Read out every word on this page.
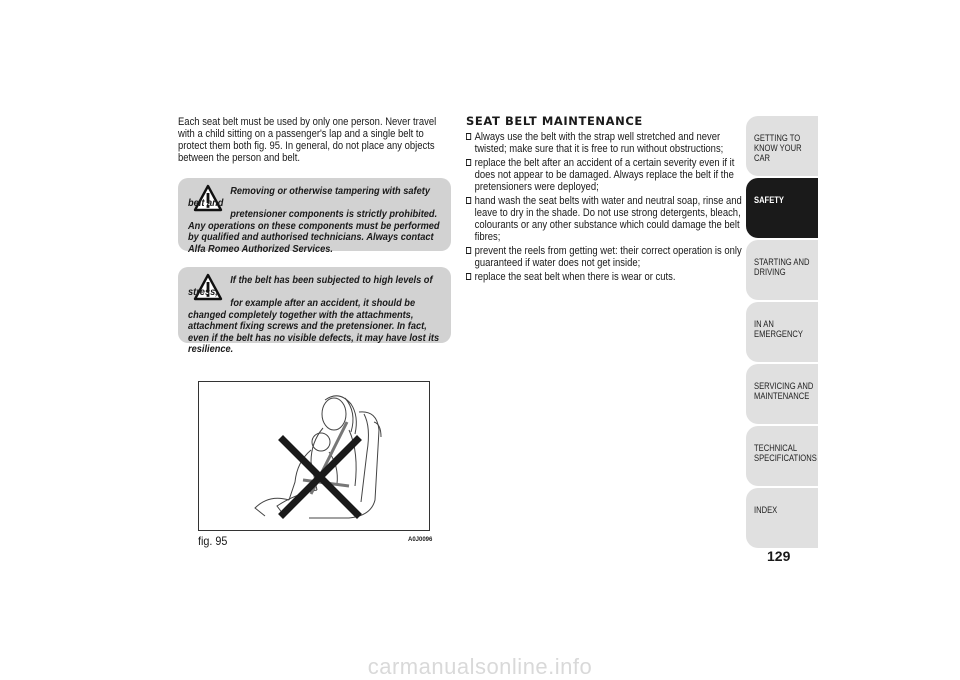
Each seat belt must be used by only one person. Never travel with a child sitting on a passenger's lap and a single belt to protect them both fig. 95. In general, do not place any objects between the person and belt.

Removing or otherwise tampering with safety belt and
pretensioner components is strictly prohibited. Any operations on these components must be performed by qualified and authorised technicians. Always contact Alfa Romeo Authorized Services.

If the belt has been subjected to high levels of stress,
for example after an accident, it should be changed completely together with the attachments, attachment fixing screws and the pretensioner. In fact, even if the belt has no visible defects, it may have lost its resilience.

fig. 95	A0J0096
SEAT BELT MAINTENANCE
Always use the belt with the strap well stretched and never twisted; make sure that it is free to run without obstructions;
replace the belt after an accident of a certain severity even if it does not appear to be damaged. Always replace the belt if the pretensioners were deployed;
hand wash the seat belts with water and neutral soap, rinse and leave to dry in the shade. Do not use strong detergents, bleach, colourants or any other substance which could damage the belt fibres;
prevent the reels from getting wet: their correct operation is only guaranteed if water does not get inside;
replace the seat belt when there is wear or cuts.
GETTING TO KNOW YOUR CAR
SAFETY
STARTING AND DRIVING
IN AN EMERGENCY
SERVICING AND MAINTENANCE
TECHNICAL SPECIFICATIONS
INDEX
129
carmanualsonline.info
